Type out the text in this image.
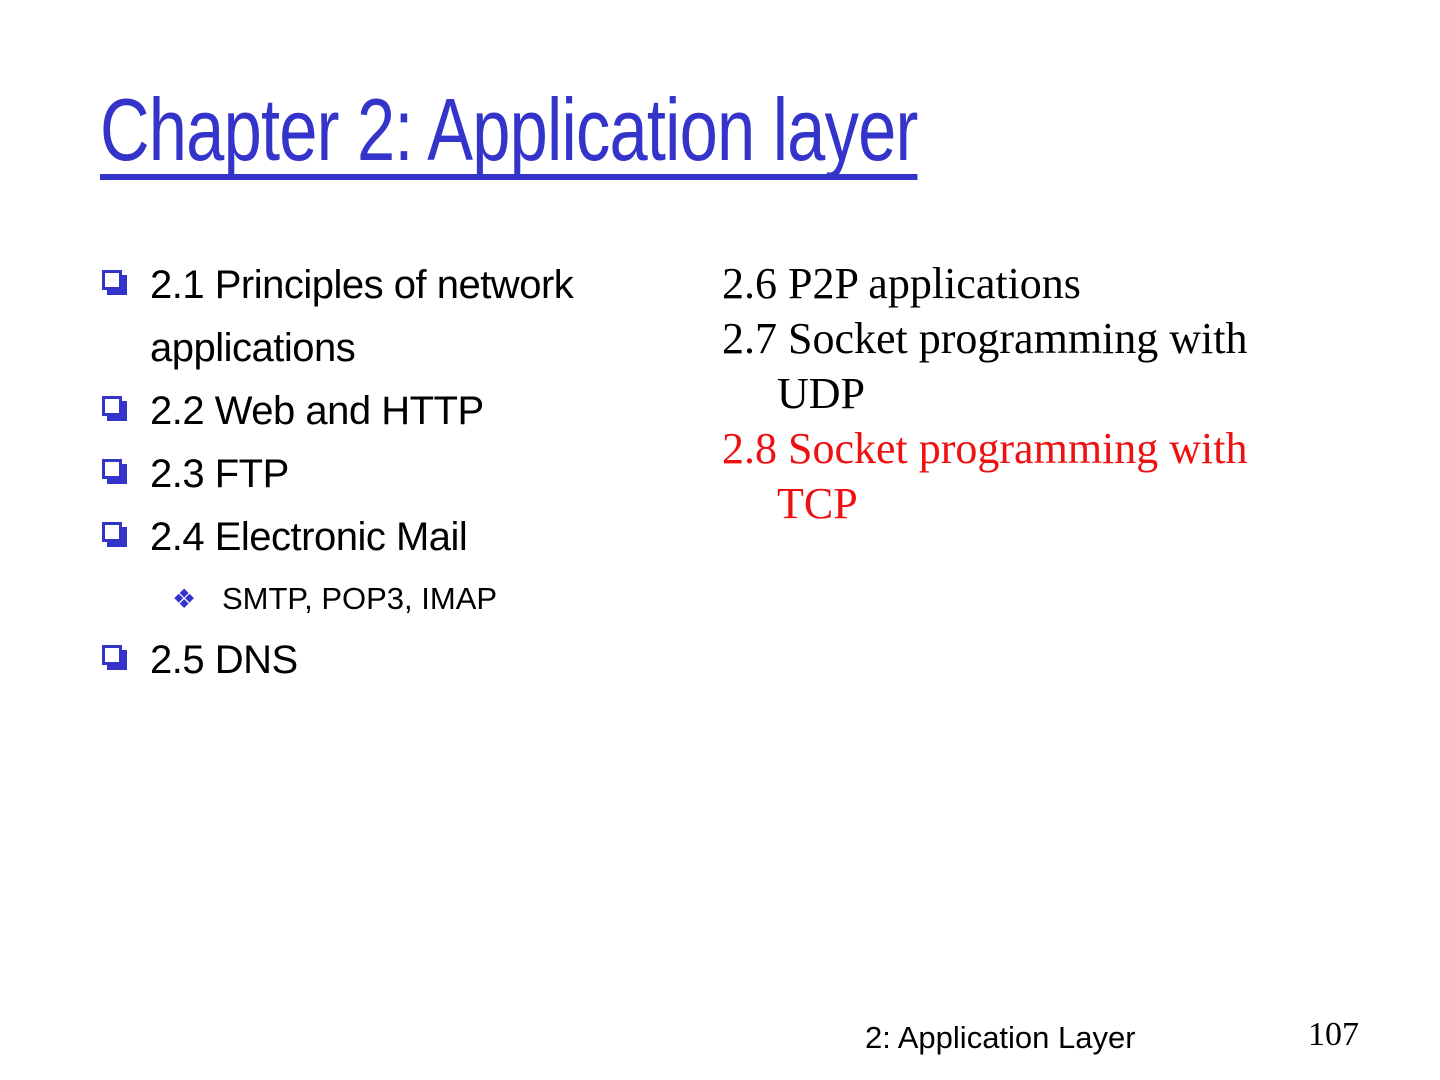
Chapter 2: Application layer
2.1 Principles of network applications
2.2 Web and HTTP
2.3 FTP
2.4 Electronic Mail
❖ SMTP, POP3, IMAP
2.5 DNS

2.6 P2P applications

2.7 Socket programming with UDP

2.8 Socket programming with TCP

2: Application Layer	107
